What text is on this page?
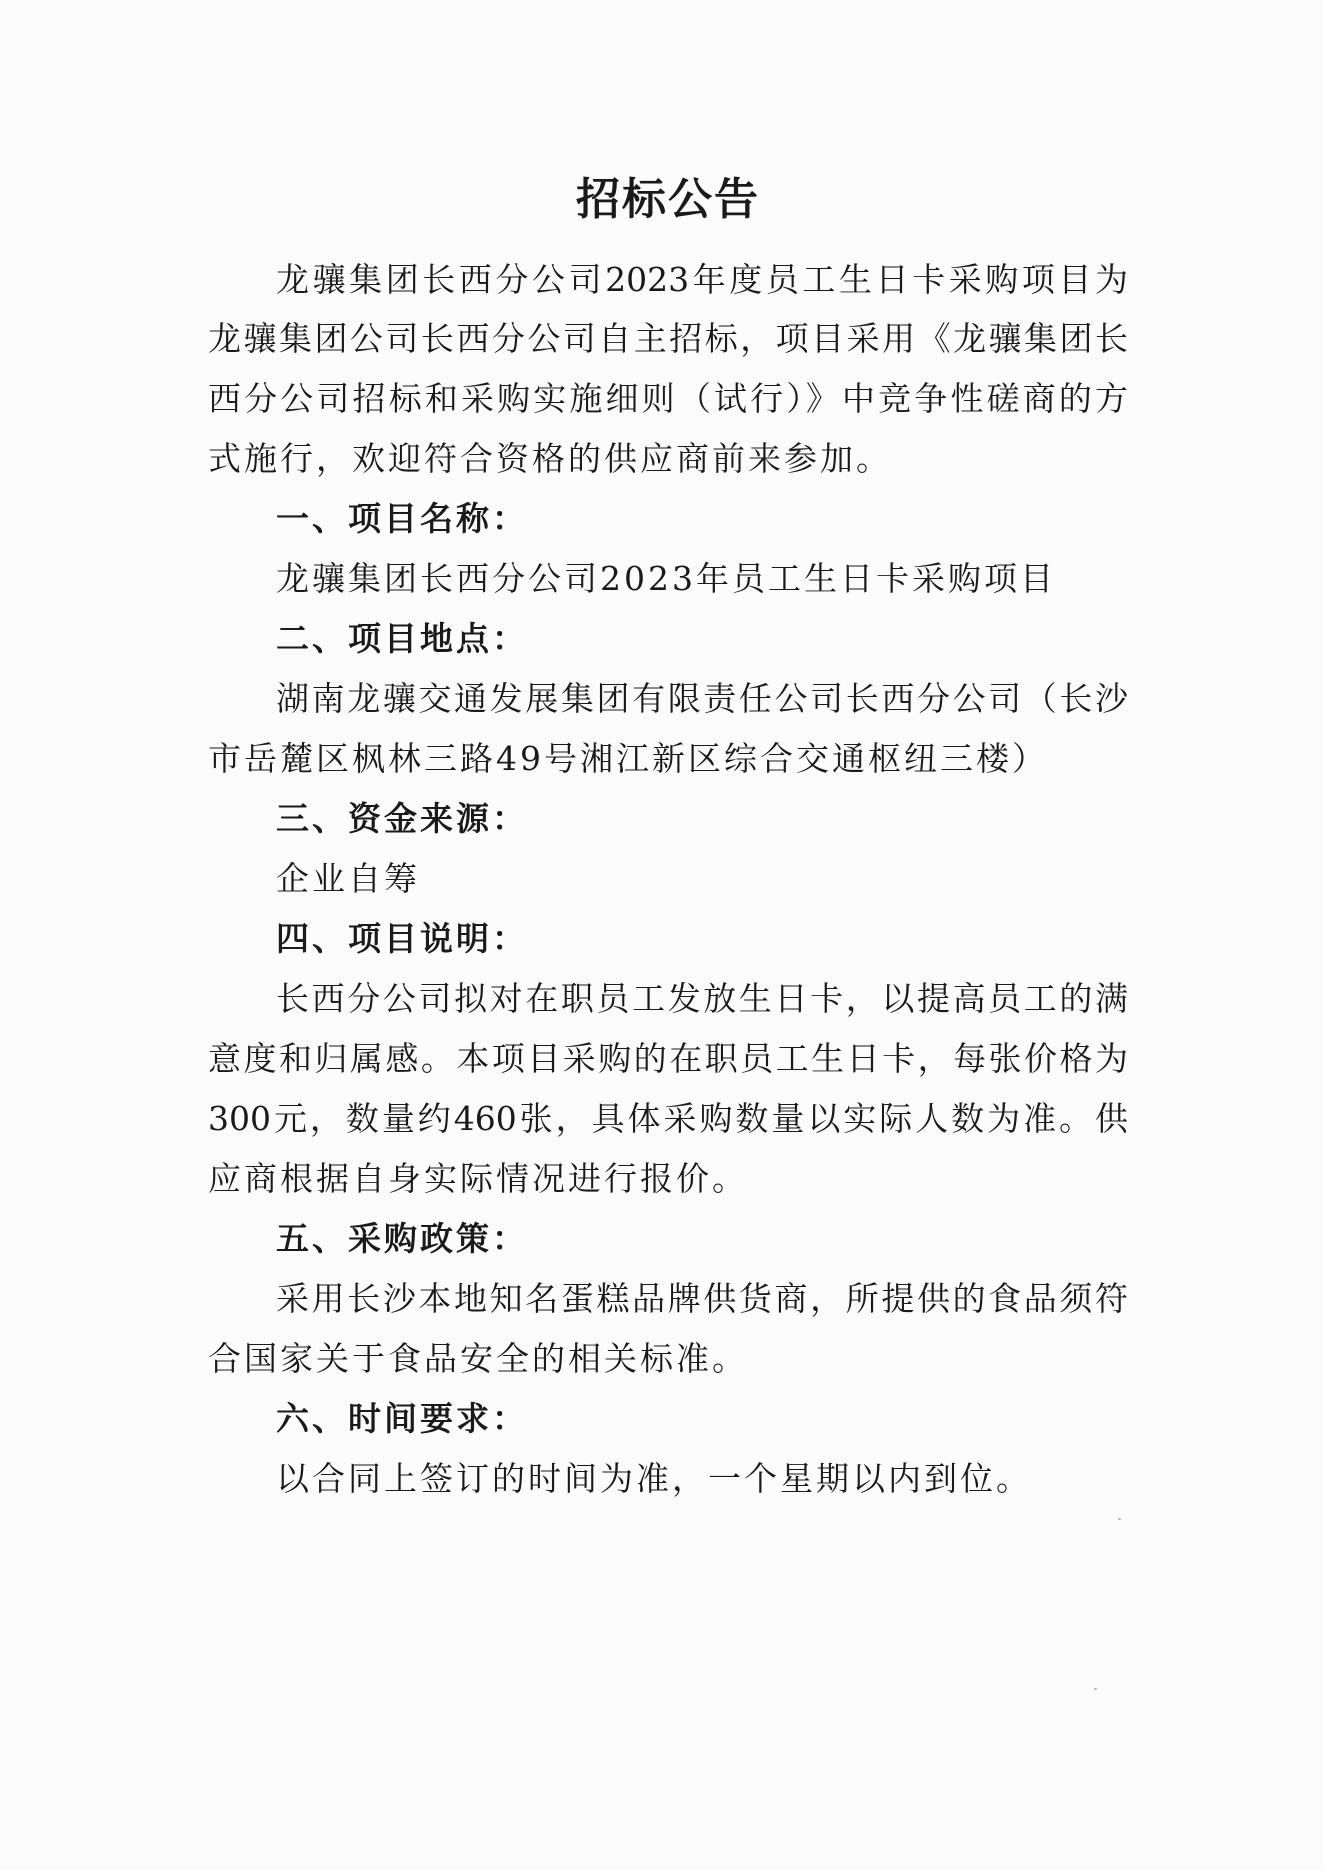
招标公告
龙骧集团长西分公司2023年度员工生日卡采购项目为
龙骧集团公司长西分公司自主招标，项目采用《龙骧集团长
西分公司招标和采购实施细则（试行）》中竞争性磋商的方
式施行，欢迎符合资格的供应商前来参加。
一、项目名称：
龙骧集团长西分公司2023年员工生日卡采购项目
二、项目地点：
湖南龙骧交通发展集团有限责任公司长西分公司（长沙
市岳麓区枫林三路49号湘江新区综合交通枢纽三楼）
三、资金来源：
企业自筹
四、项目说明：
长西分公司拟对在职员工发放生日卡，以提高员工的满
意度和归属感。本项目采购的在职员工生日卡，每张价格为
300元，数量约460张，具体采购数量以实际人数为准。供
应商根据自身实际情况进行报价。
五、采购政策：
采用长沙本地知名蛋糕品牌供货商，所提供的食品须符
合国家关于食品安全的相关标准。
六、时间要求：
以合同上签订的时间为准，一个星期以内到位。
